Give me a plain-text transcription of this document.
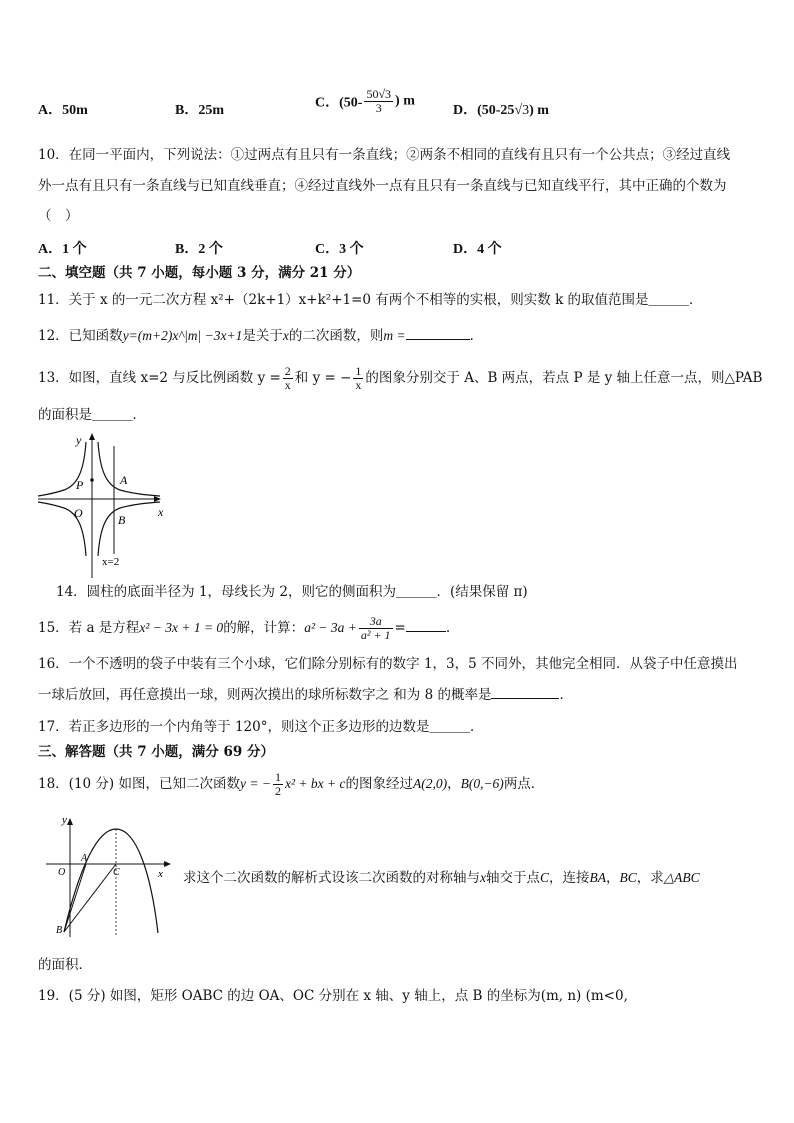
A．50m	B．25m	C．($50- \frac{50√3}{3}$ ) m
D．(50-25√3) m
10．在同一平面内，下列说法：①过两点有且只有一条直线；②两条不相同的直线有且只有一个公共点；③经过直线
外一点有且只有一条直线与已知直线垂直；④经过直线外一点有且只有一条直线与已知直线平行，其中正确的个数为
（　）
A．1 个	B．2 个	C．3 个	D．4 个
二、填空题（共 7 小题，每小题 3 分，满分 21 分）
11．关于 x 的一元二次方程 x²+（2k+1）x+k²+1=0 有两个不相等的实根，则实数 k 的取值范围是＿＿＿．
12．已知函数y=(m+2)x^|m| −3x+1是关于x的二次函数，则m =	．
13．如图，直线 x=2 与反比例函数 $y = \frac{2}{x}$ 和 y = − $\frac{1}{x}$ 的图象分别交于 A、B 两点，若点 P 是 y 轴上任意一点，则△PAB
的面积是＿＿＿．
y
x
O
P	A
B
x=2
14．圆柱的底面半径为 1，母线长为 2，则它的侧面积为＿＿＿．(结果保留 π)
15．若 a 是方程x² − 3x + 1 = 0的解，计算：$a^2 - 3a + \frac{3a}{\text{a² + 1}}$ =	.
16．一个不透明的袋子中装有三个小球，它们除分别标有的数字 1，3，5 不同外，其他完全相同．从袋子中任意摸出
一球后放回，再任意摸出一球，则两次摸出的球所标数字之 和为 8 的概率是	．
17．若正多边形的一个内角等于 120°，则这个正多边形的边数是＿＿＿．
三、解答题（共 7 小题，满分 69 分）
18．(10 分) 如图，已知二次函数y = − $\frac{1}{2} x^2$ + bx + c的图象经过A(2,0)，B(0,−6)两点．
y
x
O
A
C
B
求这个二次函数的解析式设该二次函数的对称轴与x轴交于点C，连接BA，BC，求△ABC
的面积．
19．(5 分) 如图，矩形 OABC 的边 OA、OC 分别在 x 轴、y 轴上，点 B 的坐标为(m, n) (m<0,
